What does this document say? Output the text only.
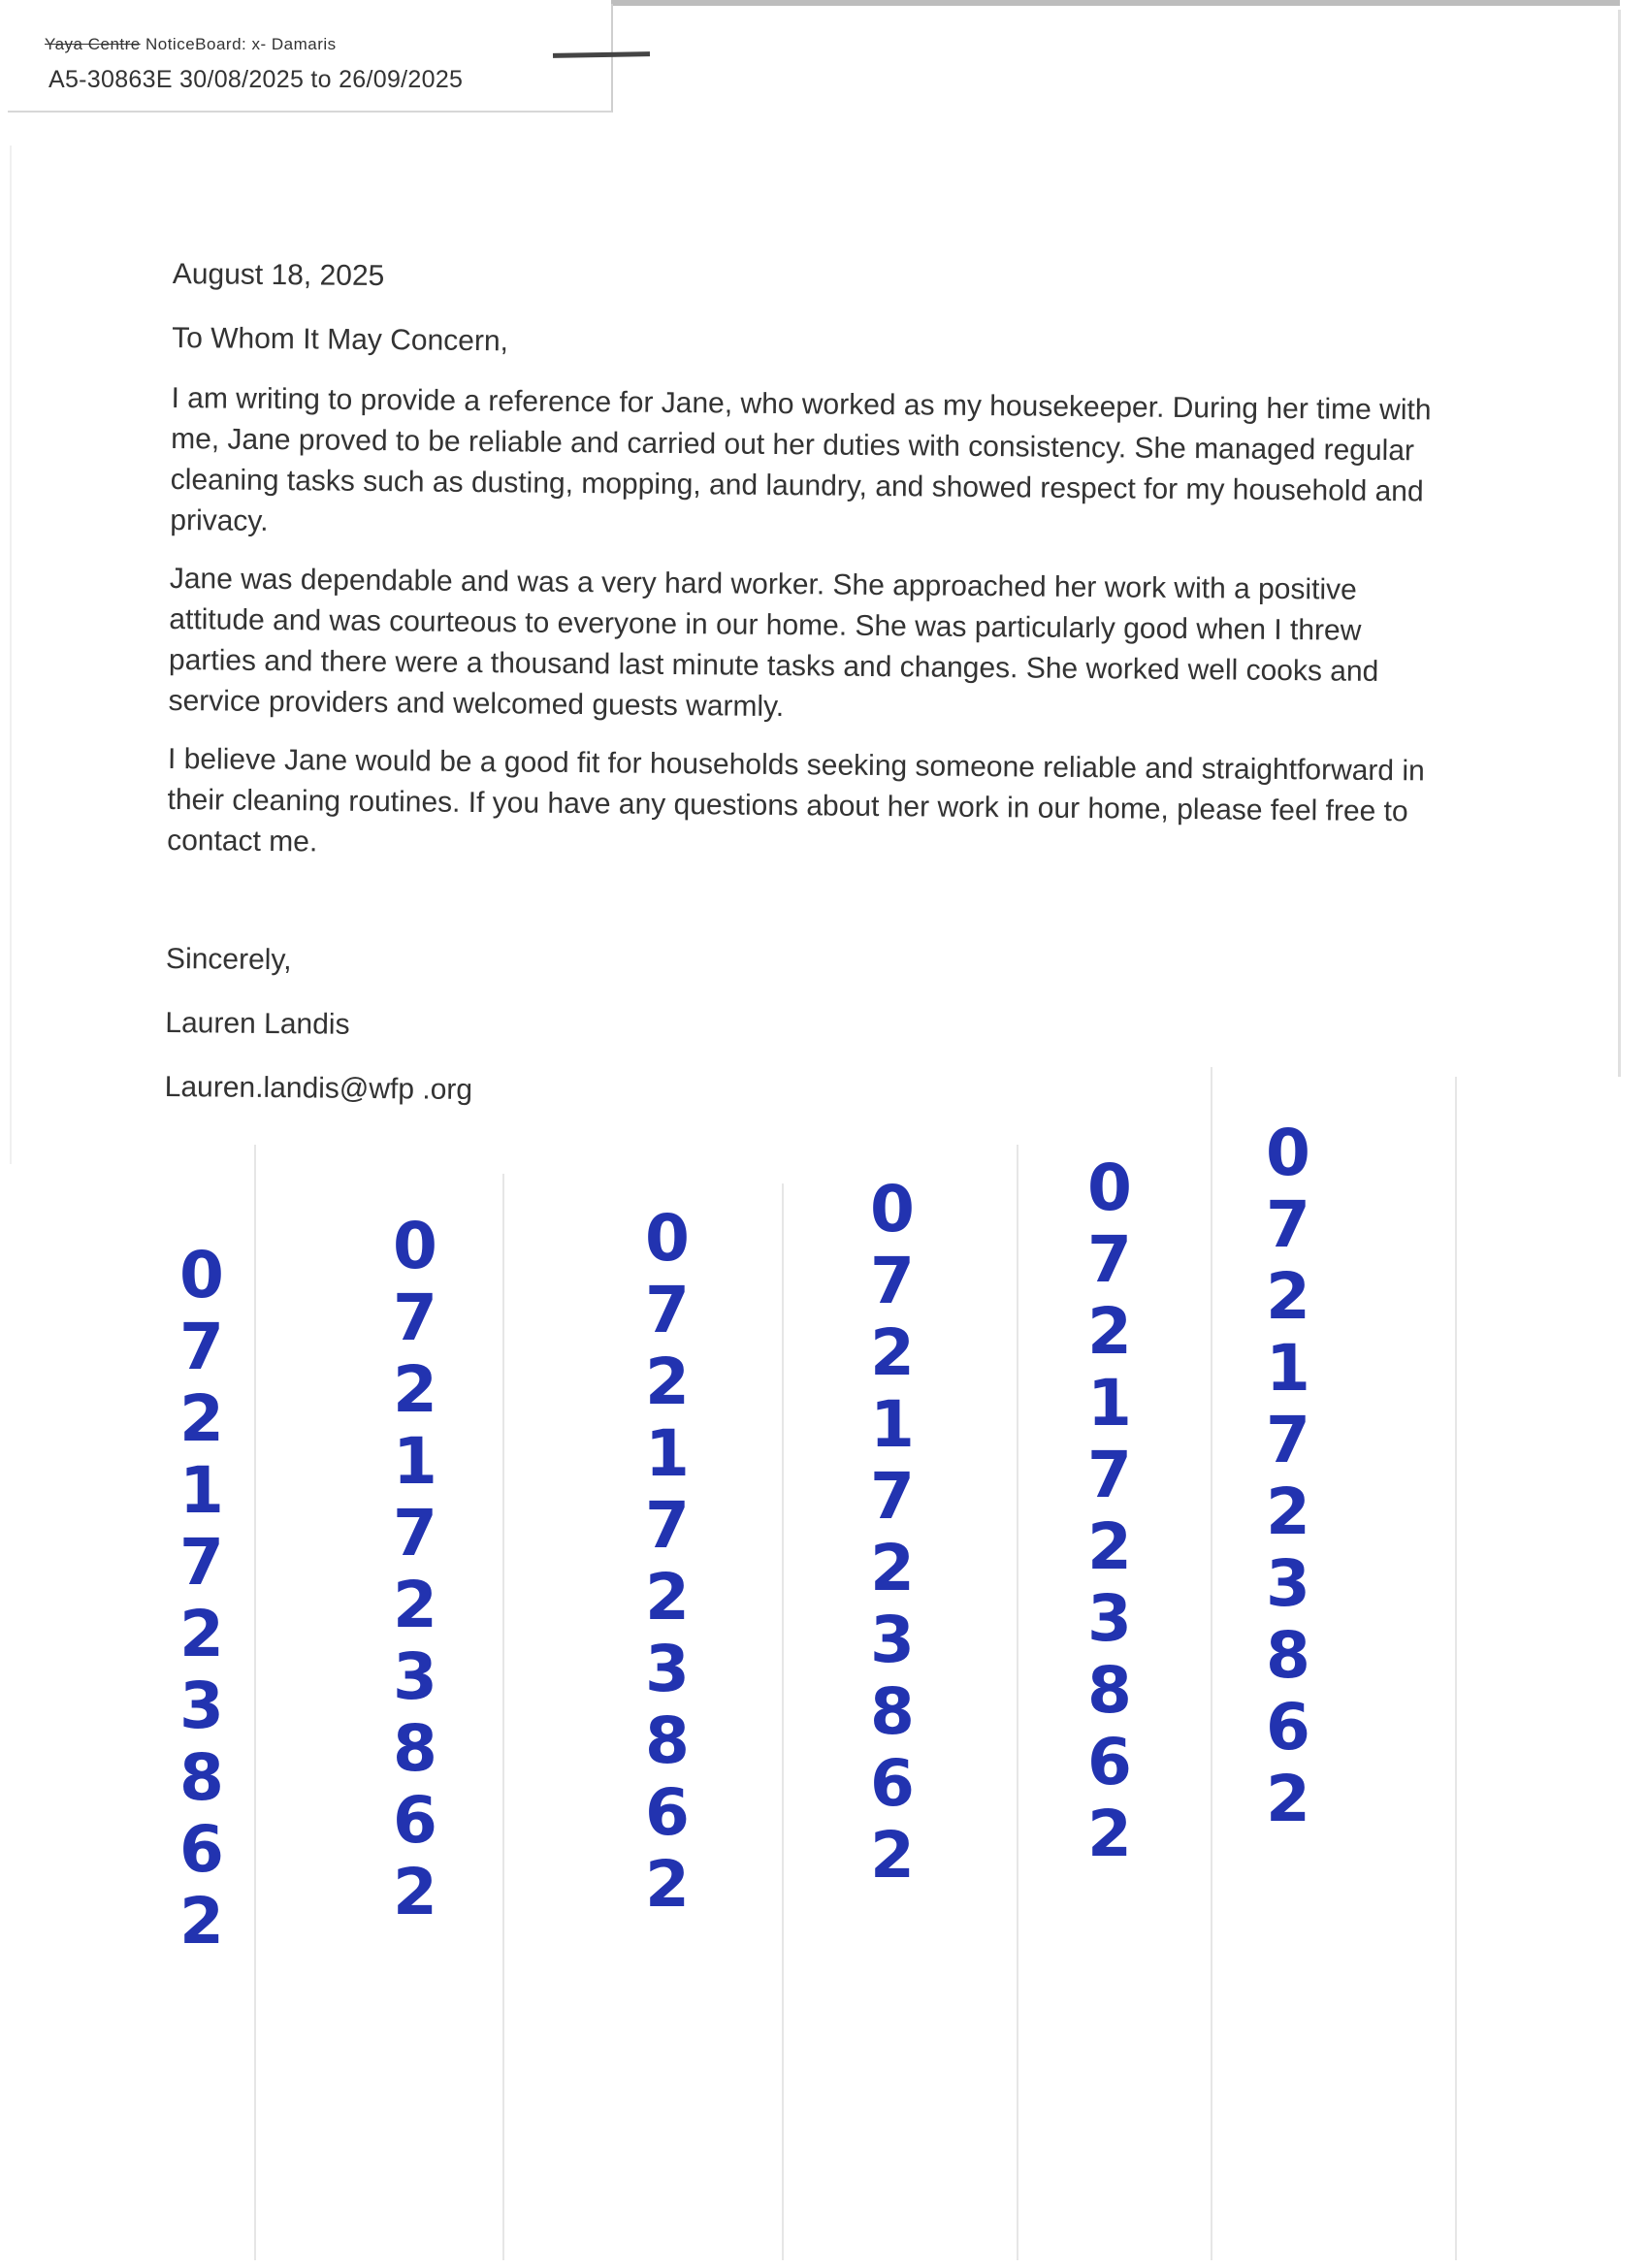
Yaya Centre NoticeBoard: x- Damaris
A5-30863E 30/08/2025 to 26/09/2025

August 18, 2025

To Whom It May Concern,

I am writing to provide a reference for Jane, who worked as my housekeeper. During her time with me, Jane proved to be reliable and carried out her duties with consistency. She managed regular cleaning tasks such as dusting, mopping, and laundry, and showed respect for my household and privacy.

Jane was dependable and was a very hard worker. She approached her work with a positive attitude and was courteous to everyone in our home. She was particularly good when I threw parties and there were a thousand last minute tasks and changes. She worked well cooks and service providers and welcomed guests warmly.

I believe Jane would be a good fit for households seeking someone reliable and straightforward in their cleaning routines. If you have any questions about her work in our home, please feel free to contact me.

Sincerely,

Lauren Landis

Lauren.landis@wfp .org

0
7
2
1
7
2
3
8
6
2
0
7
2
1
7
2
3
8
6
2
0
7
2
1
7
2
3
8
6
2
0
7
2
1
7
2
3
8
6
2
0
7
2
1
7
2
3
8
6
2
0
7
2
1
7
2
3
8
6
2
